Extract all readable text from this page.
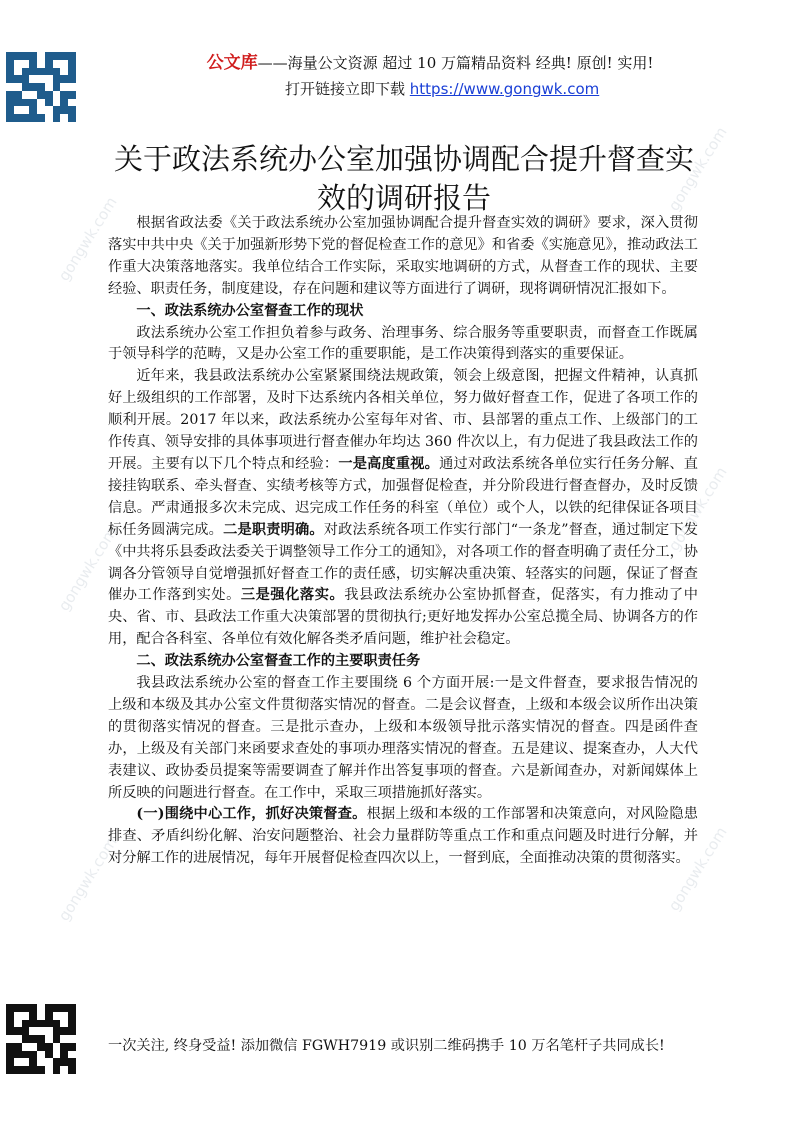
gongwk.com
gongwk.com
gongwk.com
gongwk.com
gongwk.com	gongwk.com
公文库——海量公文资源 超过 10 万篇精品资料 经典! 原创! 实用!
打开链接立即下载 https://www.gongwk.com
关于政法系统办公室加强协调配合提升督查实效的调研报告

根据省政法委《关于政法系统办公室加强协调配合提升督查实效的调研》要求，深入贯彻落实中共中央《关于加强新形势下党的督促检查工作的意见》和省委《实施意见》，推动政法工作重大决策落地落实。我单位结合工作实际，采取实地调研的方式，从督查工作的现状、主要经验、职责任务，制度建设，存在问题和建议等方面进行了调研，现将调研情况汇报如下。

一、政法系统办公室督查工作的现状

政法系统办公室工作担负着参与政务、治理事务、综合服务等重要职责，而督查工作既属于领导科学的范畴，又是办公室工作的重要职能，是工作决策得到落实的重要保证。

近年来，我县政法系统办公室紧紧围绕法规政策，领会上级意图，把握文件精神，认真抓好上级组织的工作部署，及时下达系统内各相关单位，努力做好督查工作，促进了各项工作的顺利开展。2017 年以来，政法系统办公室每年对省、市、县部署的重点工作、上级部门的工作传真、领导安排的具体事项进行督查催办年均达 360 件次以上，有力促进了我县政法工作的开展。主要有以下几个特点和经验：一是高度重视。通过对政法系统各单位实行任务分解、直接挂钩联系、牵头督查、实绩考核等方式，加强督促检查，并分阶段进行督查督办，及时反馈信息。严肃通报多次未完成、迟完成工作任务的科室（单位）或个人，以铁的纪律保证各项目标任务圆满完成。二是职责明确。对政法系统各项工作实行部门“一条龙”督查，通过制定下发《中共将乐县委政法委关于调整领导工作分工的通知》，对各项工作的督查明确了责任分工，协调各分管领导自觉增强抓好督查工作的责任感，切实解决重决策、轻落实的问题，保证了督查催办工作落到实处。三是强化落实。我县政法系统办公室协抓督查，促落实，有力推动了中央、省、市、县政法工作重大决策部署的贯彻执行;更好地发挥办公室总揽全局、协调各方的作用，配合各科室、各单位有效化解各类矛盾问题，维护社会稳定。

二、政法系统办公室督查工作的主要职责任务

我县政法系统办公室的督查工作主要围绕 6 个方面开展:一是文件督查，要求报告情况的上级和本级及其办公室文件贯彻落实情况的督查。二是会议督查，上级和本级会议所作出决策的贯彻落实情况的督查。三是批示查办，上级和本级领导批示落实情况的督查。四是函件查办，上级及有关部门来函要求查处的事项办理落实情况的督查。五是建议、提案查办，人大代表建议、政协委员提案等需要调查了解并作出答复事项的督查。六是新闻查办，对新闻媒体上所反映的问题进行督查。在工作中，采取三项措施抓好落实。

(一)围绕中心工作，抓好决策督查。根据上级和本级的工作部署和决策意向，对风险隐患排查、矛盾纠纷化解、治安问题整治、社会力量群防等重点工作和重点问题及时进行分解，并对分解工作的进展情况，每年开展督促检查四次以上，一督到底，全面推动决策的贯彻落实。

一次关注, 终身受益! 添加微信 FGWH7919 或识别二维码携手 10 万名笔杆子共同成长!
